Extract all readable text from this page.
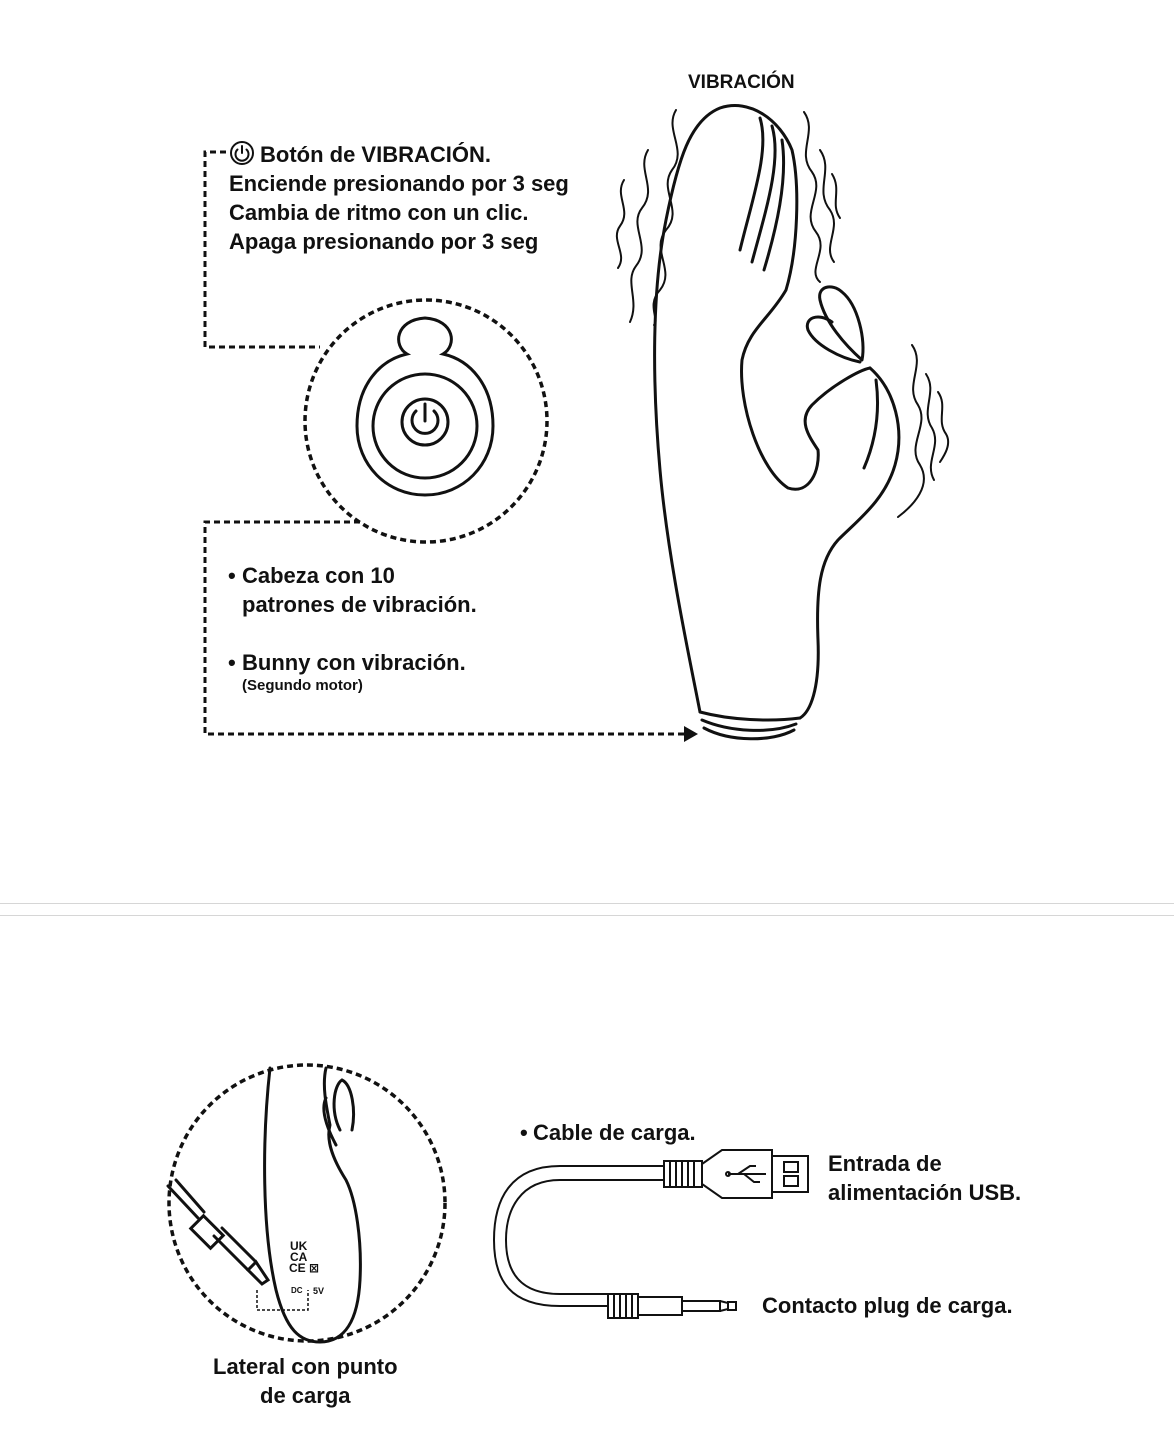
Botón de VIBRACIÓN.
Enciende presionando por 3 seg
Cambia de ritmo con un clic.
Apaga presionando por 3 seg
• Cabeza con 10
patrones de vibración.
• Bunny con vibración.
(Segundo motor)
VIBRACIÓN
UK
CA
CE ⊠
DC 5V
Lateral con punto
de carga
• Cable de carga.
Entrada de
alimentación USB.
Contacto plug de carga.
